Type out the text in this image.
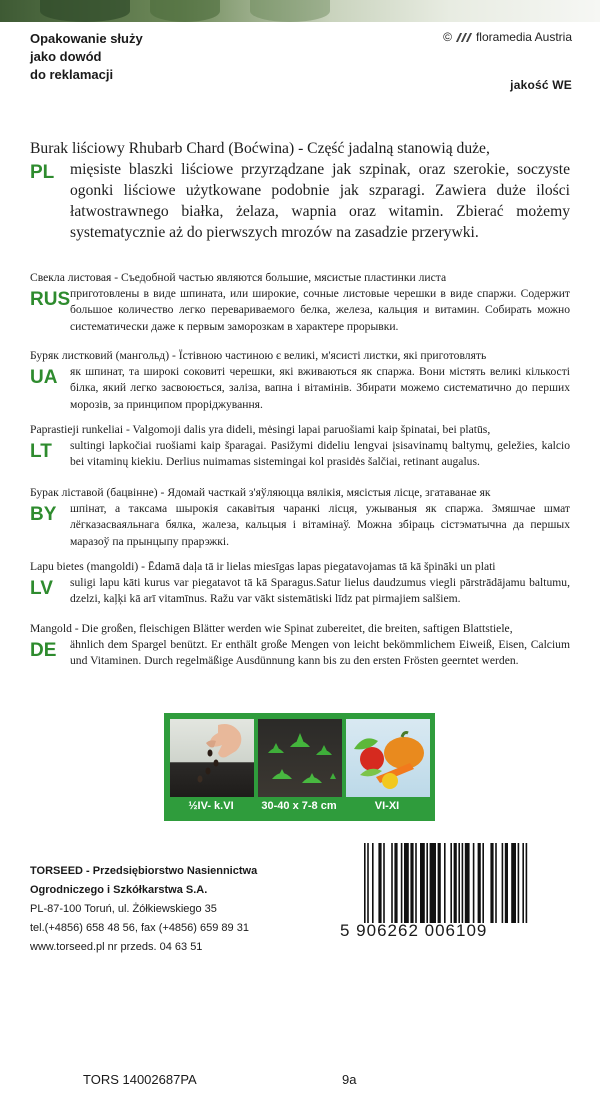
Opakowanie służy
jako dowód
do reklamacji
© floramedia Austria
jakość WE
PL
Burak liściowy Rhubarb Chard (Boćwina) - Część jadalną stanowią duże,
mięsiste blaszki liściowe przyrządzane jak szpinak, oraz szerokie, soczyste ogonki liściowe użytkowane podobnie jak szparagi. Zawiera duże ilości łatwostrawnego białka, żelaza, wapnia oraz witamin. Zbierać możemy systematycznie aż do pierwszych mrozów na zasadzie przerywki.
RUS
Свекла листовая - Съедобной частью являются большие, мясистые пластинки листа
приготовлены в виде шпината, или широкие, сочные листовые черешки в виде спаржи. Содержит большое количество легко перевариваемого белка, железа, кальция и витамин. Собирать можно систематически даже к первым заморозкам в характере прорывки.
UA
Буряк листковий (мангольд) - Їстівною частиною є великі, м'ясисті листки, які приготовлять
як шпинат, та широкі соковиті черешки, які вживаються як спаржа. Вони містять великі кількості білка, який легко засвоюється, заліза, вапна і вітамінів. Збирати можемо систематично до перших морозів, за принципом проріджування.
LT
Paprastieji runkeliai - Valgomoji dalis yra dideli, mėsingi lapai paruošiami kaip špinatai, bei platūs,
sultingi lapkočiai ruošiami kaip šparagai. Pasižymi dideliu lengvai įsisavinamų baltymų, geležies, kalcio bei vitaminų kiekiu. Derlius nuimamas sistemingai kol prasidės šalčiai, retinant augalus.
BY
Бурак лiставой (бацвiнне) - Ядомай часткай з'яўляюцца вялікія, мясістыя лісце, згатаванае як
шпінат, а таксама шырокія сакавітыя чаранкі лісця, ужываныя як спаржа. Змяшчае шмат лёгказасваяльнага бялка, жалеза, кальцыя і вітамінаў. Можна збіраць сістэматычна да першых маразоў па прынцыпу прарэжкі.
LV
Lapu bietes (mangoldi) - Ēdamā daļa tā ir lielas miesīgas lapas piegatavojamas tā kā špināki un plati
suligi lapu kāti kurus var piegatavot tā kā Sparagus.Satur lielus daudzumus viegli pārstrādājamu baltumu, dzelzi, kaļķi kā arī vitamīnus. Ražu var vākt sistemātiski līdz pat pirmajiem salšiem.
DE
Mangold - Die großen, fleischigen Blätter werden wie Spinat zubereitet, die breiten, saftigen Blattstiele,
ähnlich dem Spargel benützt. Er enthält große Mengen von leicht bekömmlichem Eiweiß, Eisen, Calcium und Vitaminen. Durch regelmäßige Ausdünnung kann bis zu den ersten Frösten geerntet werden.
½IV- k.VI	30-40 x 7-8 cm	VI-XI
TORSEED - Przedsiębiorstwo Nasiennictwa
Ogrodniczego i Szkółkarstwa S.A.
PL-87-100 Toruń, ul. Żółkiewskiego 35
tel.(+4856) 658 48 56, fax (+4856) 659 89 31
www.torseed.pl nr przeds. 04 63 51
5 906262 006109
TORS 14002687PA	9a
